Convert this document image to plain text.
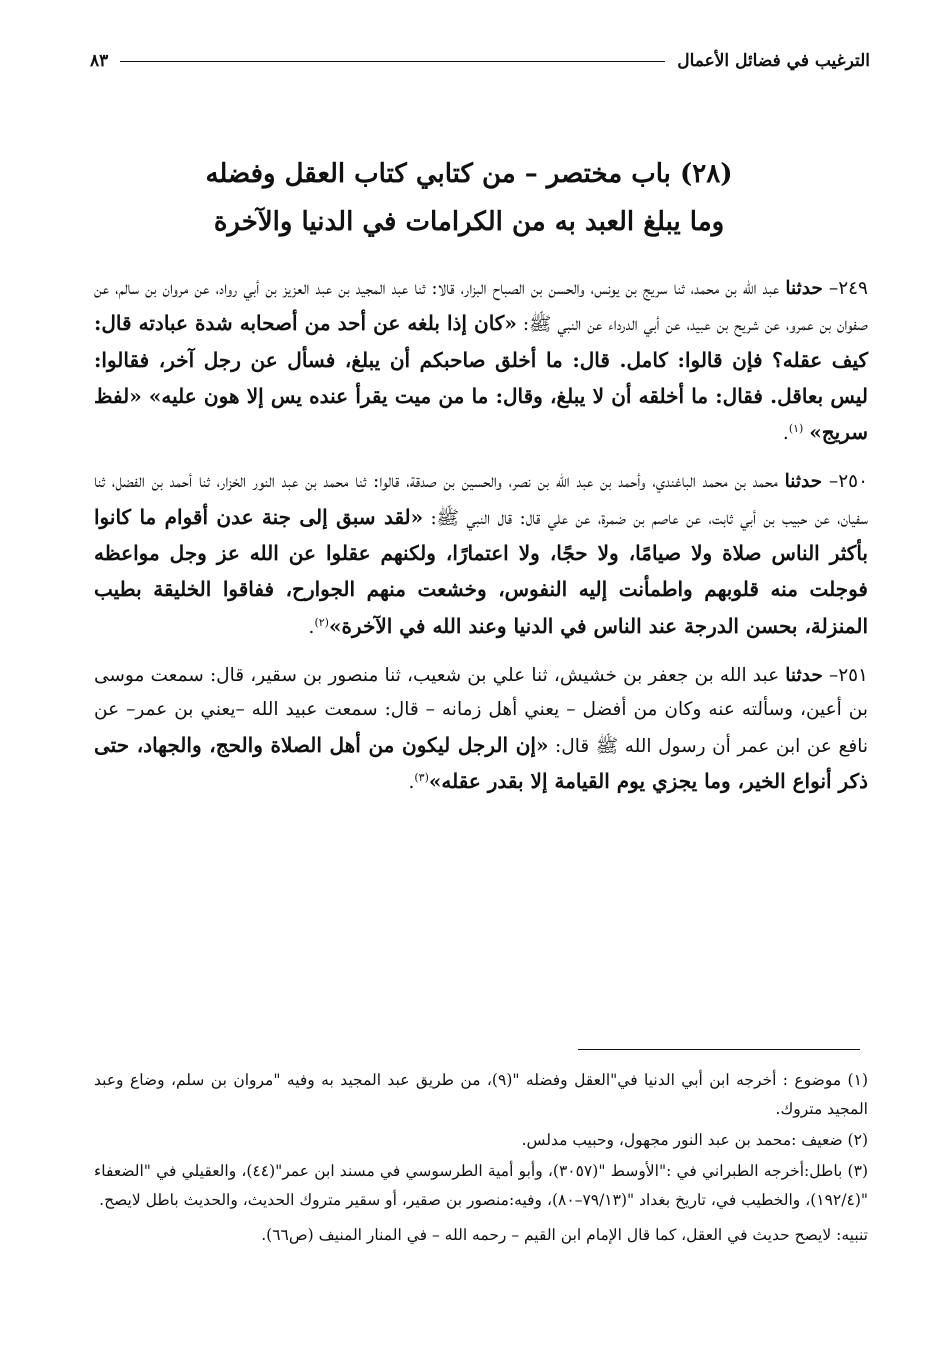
الترغيب في فضائل الأعمال
٨٣
(٢٨) باب مختصر – من كتابي كتاب العقل وفضله
وما يبلغ العبد به من الكرامات في الدنيا والآخرة

٢٤٩– حدثنا عبد الله بن محمد، ثنا سريج بن يونس، والحسن بن الصباح البزار، قالا: ثنا عبد المجيد بن عبد العزيز بن أبي رواد، عن مروان بن سالم، عن صفوان بن عمرو، عن شريح بن عبيد، عن أبي الدرداء عن النبي ﷺ: «كان إذا بلغه عن أحد من أصحابه شدة عبادته قال: كيف عقله؟ فإن قالوا: كامل. قال: ما أخلق صاحبكم أن يبلغ، فسأل عن رجل آخر، فقالوا: ليس بعاقل. فقال: ما أخلقه أن لا يبلغ، وقال: ما من ميت يقرأ عنده يس إلا هون عليه» «لفظ سريج» $^{(١)}$.

٢٥٠– حدثنا محمد بن محمد الباغندي، وأحمد بن عبد الله بن نصر، والحسين بن صدقة، قالوا: ثنا محمد بن عبد النور الخزار، ثنا أحمد بن الفضل، ثنا سفيان، عن حبيب بن أبي ثابت، عن عاصم بن ضمرة، عن علي قال: قال النبي ﷺ: «لقد سبق إلى جنة عدن أقوام ما كانوا بأكثر الناس صلاة ولا صيامًا، ولا حجًا، ولا اعتمارًا، ولكنهم عقلوا عن الله عز وجل مواعظه فوجلت منه قلوبهم واطمأنت إليه النفوس، وخشعت منهم الجوارح، ففاقوا الخليقة بطيب المنزلة، بحسن الدرجة عند الناس في الدنيا وعند الله في الآخرة»$^{(٢)}$.

٢٥١– حدثنا عبد الله بن جعفر بن خشيش، ثنا علي بن شعيب، ثنا منصور بن سقير، قال: سمعت موسى بن أعين، وسألته عنه وكان من أفضل – يعني أهل زمانه – قال: سمعت عبيد الله –يعني بن عمر– عن نافع عن ابن عمر أن رسول الله ﷺ قال: «إن الرجل ليكون من أهل الصلاة والحج، والجهاد، حتى ذكر أنواع الخير، وما يجزي يوم القيامة إلا بقدر عقله»$^{(٣)}$.

(١) موضوع : أخرجه ابن أبي الدنيا في"العقل وفضله "(٩)، من طريق عبد المجيد به وفيه "مروان بن سلم، وضاع وعبد المجيد متروك.

(٢) ضعيف :محمد بن عبد النور مجهول، وحبيب مدلس.

(٣) باطل:أخرجه الطبراني في :"الأوسط "(٣٠٥٧)، وأبو أمية الطرسوسي في مسند ابن عمر"(٤٤)، والعقيلي في "الضعفاء "(١٩٢/٤)، والخطيب في، تاريخ بغداد "(٧٩/١٣–٨٠)، وفيه:منصور بن صقير، أو سقير متروك الحديث، والحديث باطل لايصح.

تنبيه: لايصح حديث في العقل، كما قال الإمام ابن القيم – رحمه الله – في المنار المنيف (ص٦٦).
